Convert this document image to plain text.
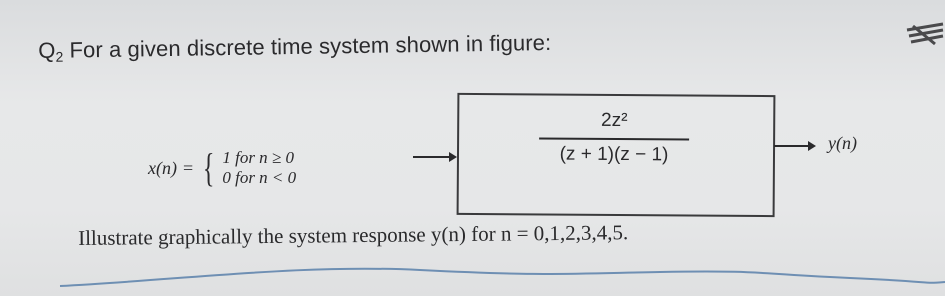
Q2 For a given discrete time system shown in figure:
x(n) = { 1 for n ≥ 0
0 for n < 0
2z²
(z + 1)(z − 1)
y(n)
Illustrate graphically the system response y(n) for n = 0,1,2,3,4,5.
